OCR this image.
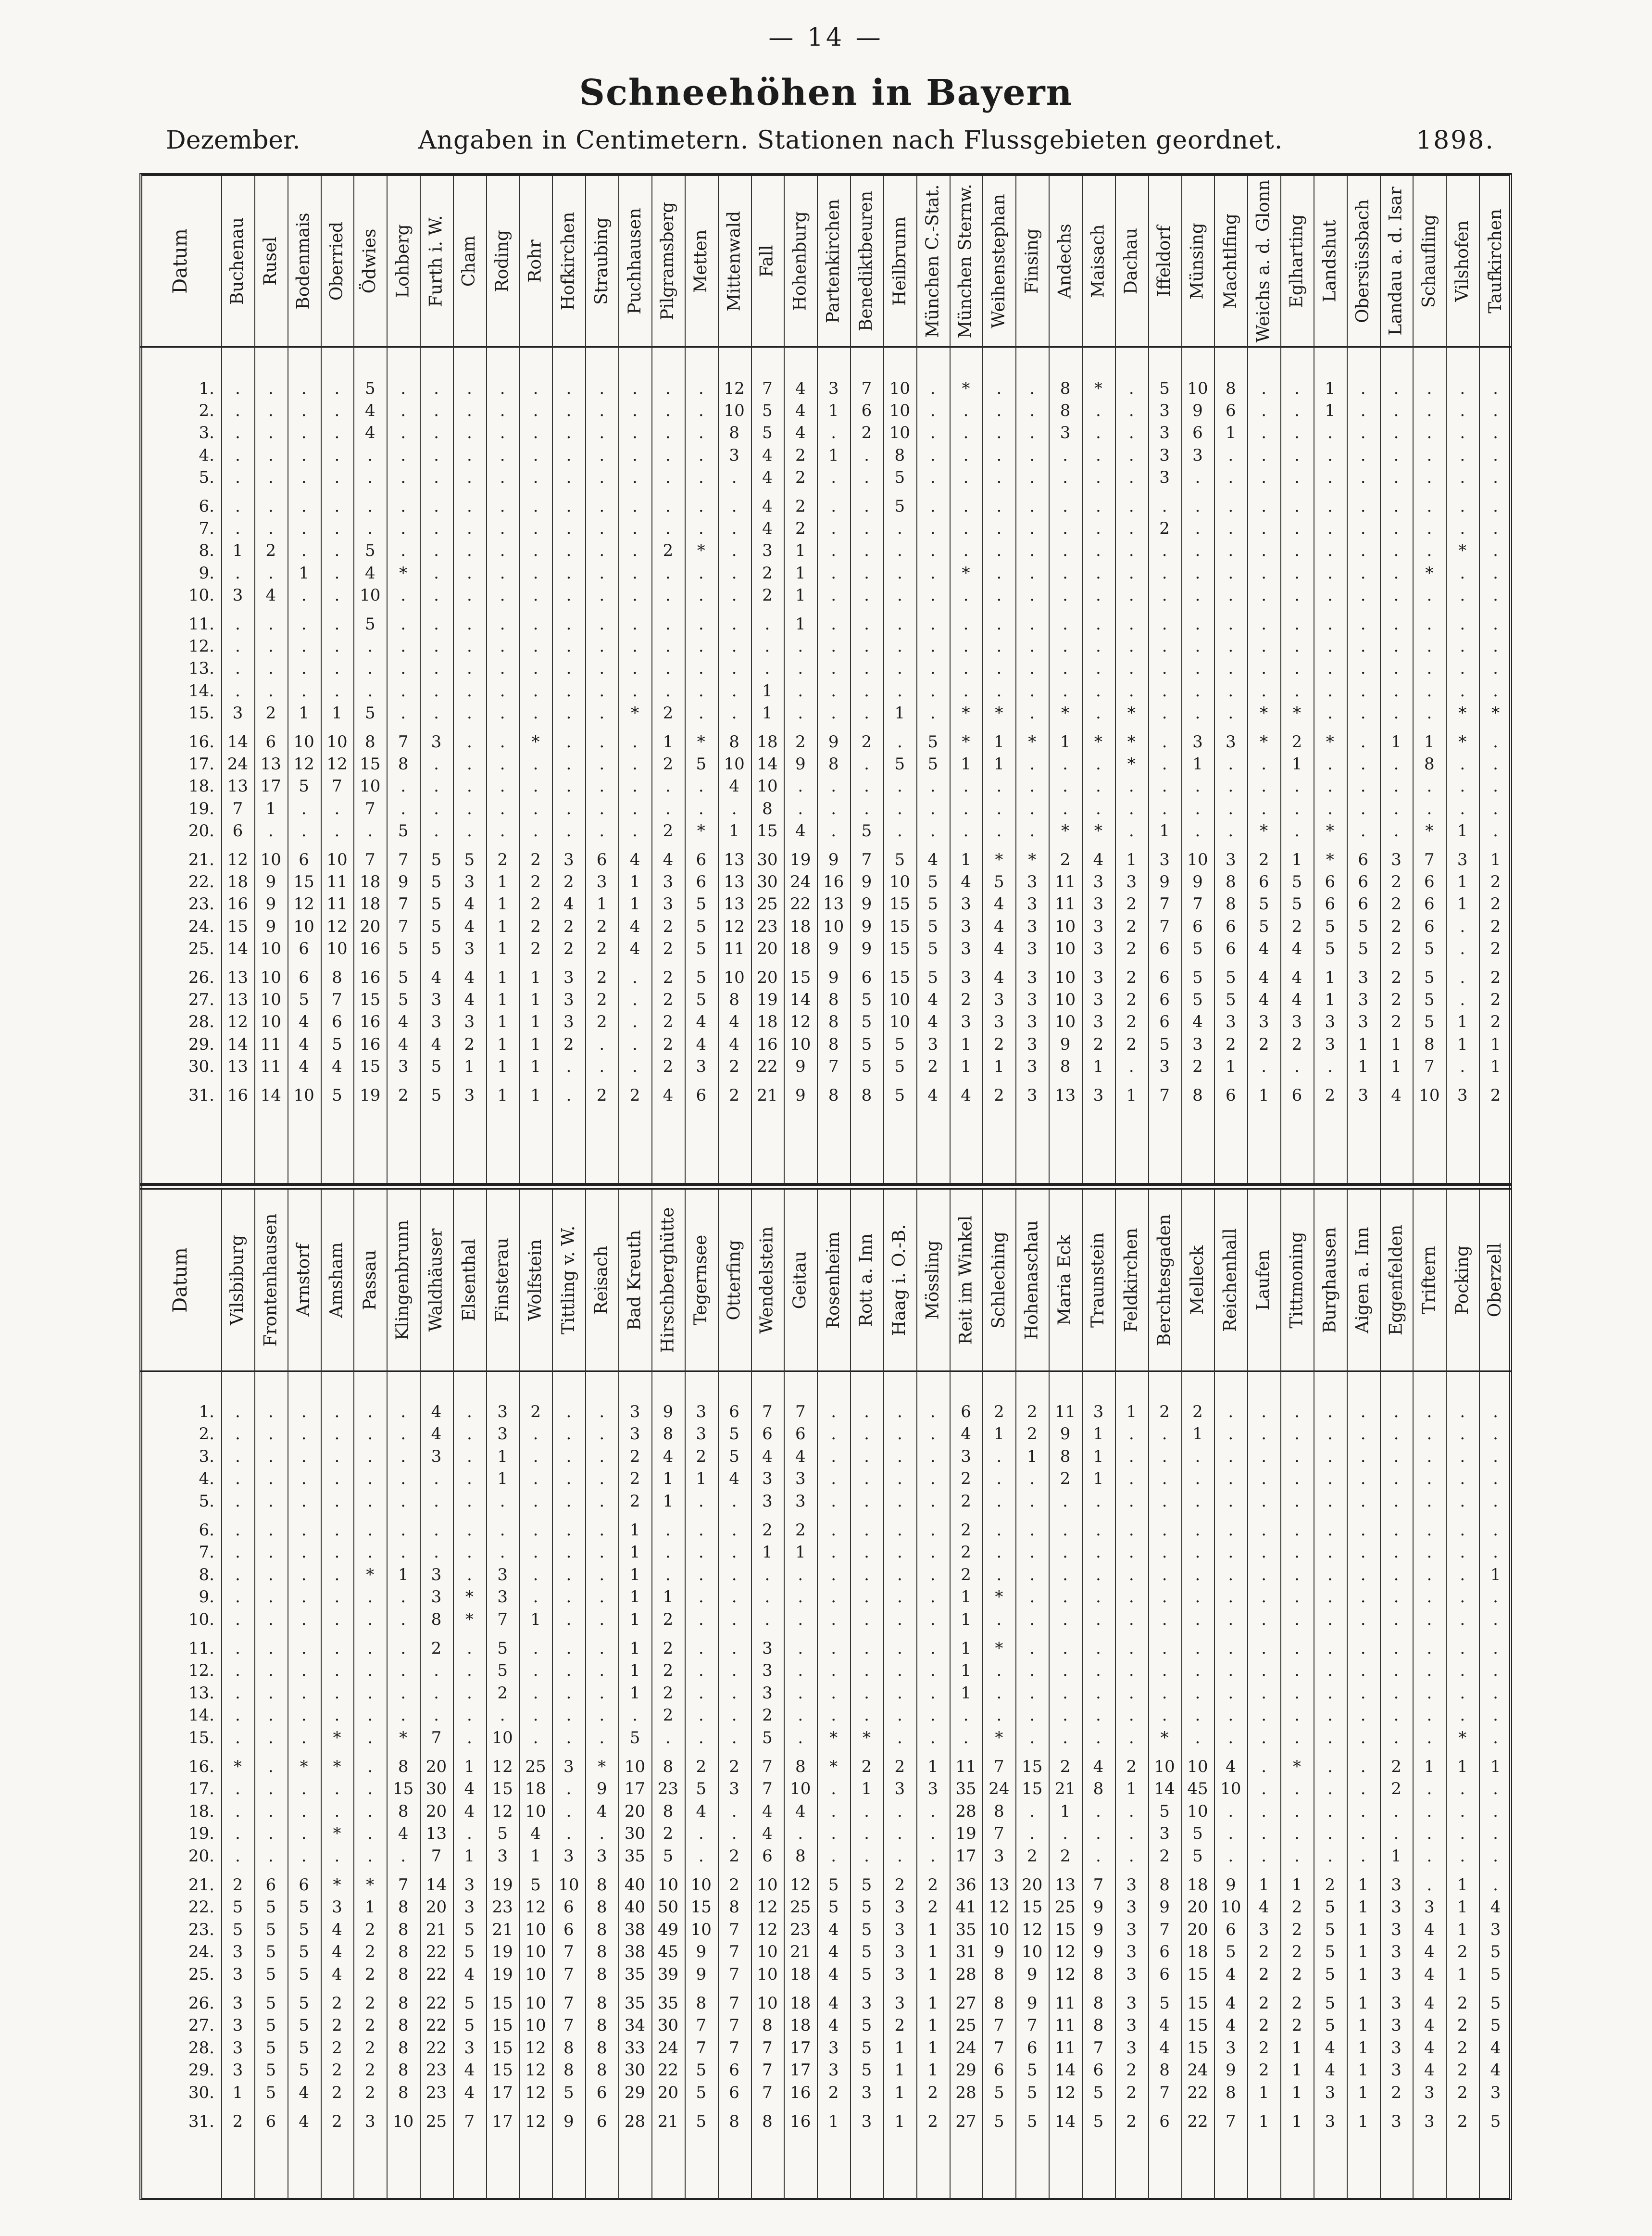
— 14 —
Schneehöhen in Bayern
Dezember.	Angaben in Centimetern. Stationen nach Flussgebieten geordnet.	1898.
Datum
1.
2.
3.
4.
5.
6.
7.
8.
9.
10.
11.
12.
13.
14.
15.
16.
17.
18.
19.
20.
21.
22.
23.
24.
25.
26.
27.
28.
29.
30.
31.
Buchenau
.
.
.
.
.
.
.
1
.
3
.
.
.
.
3
14
24
13
7
6
12
18
16
15
14
13
13
12
14
13
16
Rusel
.
.
.
.
.
.
.
2
.
4
.
.
.
.
2
6
13
17
1
.
10
9
9
9
10
10
10
10
11
11
14
Bodenmais
.
.
.
.
.
.
.
.
1
.
.
.
.
.
1
10
12
5
.
.
6
15
12
10
6
6
5
4
4
4
10
Oberried
.
.
.
.
.
.
.
.
.
.
.
.
.
.
1
10
12
7
.
.
10
11
11
12
10
8
7
6
5
4
5
Ödwies
5
4
4
.
.
.
.
5
4
10
5
.
.
.
5
8
15
10
7
.
7
18
18
20
16
16
15
16
16
15
19
Lohberg
.
.
.
.
.
.
.
.
*
.
.
.
.
.
.
7
8
.
.
5
7
9
7
7
5
5
5
4
4
3
2
Furth i. W.
.
.
.
.
.
.
.
.
.
.
.
.
.
.
.
3
.
.
.
.
5
5
5
5
5
4
3
3
4
5
5
Cham
.
.
.
.
.
.
.
.
.
.
.
.
.
.
.
.
.
.
.
.
5
3
4
4
3
4
4
3
2
1
3
Roding
.
.
.
.
.
.
.
.
.
.
.
.
.
.
.
.
.
.
.
.
2
1
1
1
1
1
1
1
1
1
1
Rohr
.
.
.
.
.
.
.
.
.
.
.
.
.
.
.
*
.
.
.
.
2
2
2
2
2
1
1
1
1
1
1
Hofkirchen
.
.
.
.
.
.
.
.
.
.
.
.
.
.
.
.
.
.
.
.
3
2
4
2
2
3
3
3
2
.
.
Straubing
.
.
.
.
.
.
.
.
.
.
.
.
.
.
.
.
.
.
.
.
6
3
1
2
2
2
2
2
.
.
2
Puchhausen
.
.
.
.
.
.
.
.
.
.
.
.
.
.
*
.
.
.
.
.
4
1
1
4
4
.
.
.
.
.
2
Pilgramsberg
.
.
.
.
.
.
.
2
.
.
.
.
.
.
2
1
2
.
.
2
4
3
3
2
2
2
2
2
2
2
4
Metten
.
.
.
.
.
.
.
*
.
.
.
.
.
.
.
*
5
.
.
*
6
6
5
5
5
5
5
4
4
3
6
Mittenwald
12
10
8
3
.
.
.
.
.
.
.
.
.
.
.
8
10
4
.
1
13
13
13
12
11
10
8
4
4
2
2
Fall
7
5
5
4
4
4
4
3
2
2
.
.
.
1
1
18
14
10
8
15
30
30
25
23
20
20
19
18
16
22
21
Hohenburg
4
4
4
2
2
2
2
1
1
1
1
.
.
.
.
2
9
.
.
4
19
24
22
18
18
15
14
12
10
9
9
Partenkirchen
3
1
.
1
.
.
.
.
.
.
.
.
.
.
.
9
8
.
.
.
9
16
13
10
9
9
8
8
8
7
8
Benediktbeuren
7
6
2
.
.
.
.
.
.
.
.
.
.
.
.
2
.
.
.
5
7
9
9
9
9
6
5
5
5
5
8
Heilbrunn
10
10
10
8
5
5
.
.
.
.
.
.
.
.
1
.
5
.
.
.
5
10
15
15
15
15
10
10
5
5
5
München C.-Stat.
.
.
.
.
.
.
.
.
.
.
.
.
.
.
.
5
5
.
.
.
4
5
5
5
5
5
4
4
3
2
4
München Sternw.
*
.
.
.
.
.
.
.
*
.
.
.
.
.
*
*
1
.
.
.
1
4
3
3
3
3
2
3
1
1
4
Weihenstephan
.
.
.
.
.
.
.
.
.
.
.
.
.
.
*
1
1
.
.
.
*
5
4
4
4
4
3
3
2
1
2
Finsing
.
.
.
.
.
.
.
.
.
.
.
.
.
.
.
*
.
.
.
.
*
3
3
3
3
3
3
3
3
3
3
Andechs
8
8
3
.
.
.
.
.
.
.
.
.
.
.
*
1
.
.
.
*
2
11
11
10
10
10
10
10
9
8
13
Maisach
*
.
.
.
.
.
.
.
.
.
.
.
.
.
.
*
.
.
.
*
4
3
3
3
3
3
3
3
2
1
3
Dachau
.
.
.
.
.
.
.
.
.
.
.
.
.
.
*
*
*
.
.
.
1
3
2
2
2
2
2
2
2
.
1
Iffeldorf
5
3
3
3
3
.
2
.
.
.
.
.
.
.
.
.
.
.
.
1
3
9
7
7
6
6
6
6
5
3
7
Münsing
10
9
6
3
.
.
.
.
.
.
.
.
.
.
.
3
1
.
.
.
10
9
7
6
5
5
5
4
3
2
8
Machtlfing
8
6
1
.
.
.
.
.
.
.
.
.
.
.
.
3
.
.
.
.
3
8
8
6
6
5
5
3
2
1
6
Weichs a. d. Glonn
.
.
.
.
.
.
.
.
.
.
.
.
.
.
*
*
.
.
.
*
2
6
5
5
4
4
4
3
2
.
1
Eglharting
.
.
.
.
.
.
.
.
.
.
.
.
.
.
*
2
1
.
.
.
1
5
5
2
4
4
4
3
2
.
6
Landshut
1
1
.
.
.
.
.
.
.
.
.
.
.
.
.
*
.
.
.
*
*
6
6
5
5
1
1
3
3
.
2
Obersüssbach
.
.
.
.
.
.
.
.
.
.
.
.
.
.
.
.
.
.
.
.
6
6
6
5
5
3
3
3
1
1
3
Landau a. d. Isar
.
.
.
.
.
.
.
.
.
.
.
.
.
.
.
1
.
.
.
.
3
2
2
2
2
2
2
2
1
1
4
Schaufling
.
.
.
.
.
.
.
.
*
.
.
.
.
.
.
1
8
.
.
*
7
6
6
6
5
5
5
5
8
7
10
Vilshofen
.
.
.
.
.
.
.
*
.
.
.
.
.
.
*
*
.
.
.
1
3
1
1
.
.
.
.
1
1
.
3
Taufkirchen
.
.
.
.
.
.
.
.
.
.
.
.
.
.
*
.
.
.
.
.
1
2
2
2
2
2
2
2
1
1
2
Datum
1.
2.
3.
4.
5.
6.
7.
8.
9.
10.
11.
12.
13.
14.
15.
16.
17.
18.
19.
20.
21.
22.
23.
24.
25.
26.
27.
28.
29.
30.
31.
Vilsbiburg
.
.
.
.
.
.
.
.
.
.
.
.
.
.
.
*
.
.
.
.
2
5
5
3
3
3
3
3
3
1
2
Frontenhausen
.
.
.
.
.
.
.
.
.
.
.
.
.
.
.
.
.
.
.
.
6
5
5
5
5
5
5
5
5
5
6
Arnstorf
.
.
.
.
.
.
.
.
.
.
.
.
.
.
.
*
.
.
.
.
6
5
5
5
5
5
5
5
5
4
4
Amsham
.
.
.
.
.
.
.
.
.
.
.
.
.
.
*
*
.
.
*
.
*
3
4
4
4
2
2
2
2
2
2
Passau
.
.
.
.
.
.
.
*
.
.
.
.
.
.
.
.
.
.
.
.
*
1
2
2
2
2
2
2
2
2
3
Klingenbrunn
.
.
.
.
.
.
.
1
.
.
.
.
.
.
*
8
15
8
4
.
7
8
8
8
8
8
8
8
8
8
10
Waldhäuser
4
4
3
.
.
.
.
3
3
8
2
.
.
.
7
20
30
20
13
7
14
20
21
22
22
22
22
22
23
23
25
Elsenthal
.
.
.
.
.
.
.
.
*
*
.
.
.
.
.
1
4
4
.
1
3
3
5
5
4
5
5
3
4
4
7
Finsterau
3
3
1
1
.
.
.
3
3
7
5
5
2
.
10
12
15
12
5
3
19
23
21
19
19
15
15
15
15
17
17
Wolfstein
2
.
.
.
.
.
.
.
.
1
.
.
.
.
.
25
18
10
4
1
5
12
10
10
10
10
10
12
12
12
12
Tittling v. W.
.
.
.
.
.
.
.
.
.
.
.
.
.
.
.
3
.
.
.
3
10
6
6
7
7
7
7
8
8
5
9
Reisach
.
.
.
.
.
.
.
.
.
.
.
.
.
.
.
*
9
4
.
3
8
8
8
8
8
8
8
8
8
6
6
Bad Kreuth
3
3
2
2
2
1
1
1
1
1
1
1
1
.
5
10
17
20
30
35
40
40
38
38
35
35
34
33
30
29
28
Hirschberghütte
9
8
4
1
1
.
.
.
1
2
2
2
2
2
.
8
23
8
2
5
10
50
49
45
39
35
30
24
22
20
21
Tegernsee
3
3
2
1
.
.
.
.
.
.
.
.
.
.
.
2
5
4
.
.
10
15
10
9
9
8
7
7
5
5
5
Otterfing
6
5
5
4
.
.
.
.
.
.
.
.
.
.
.
2
3
.
.
2
2
8
7
7
7
7
7
7
6
6
8
Wendelstein
7
6
4
3
3
2
1
.
.
.
3
3
3
2
5
7
7
4
4
6
10
12
12
10
10
10
8
7
7
7
8
Geitau
7
6
4
3
3
2
1
.
.
.
.
.
.
.
.
8
10
4
.
8
12
25
23
21
18
18
18
17
17
16
16
Rosenheim
.
.
.
.
.
.
.
.
.
.
.
.
.
.
*
*
.
.
.
.
5
5
4
4
4
4
4
3
3
2
1
Rott a. Inn
.
.
.
.
.
.
.
.
.
.
.
.
.
.
*
2
1
.
.
.
5
5
5
5
5
3
5
5
5
3
3
Haag i. O.-B.
.
.
.
.
.
.
.
.
.
.
.
.
.
.
.
2
3
.
.
.
2
3
3
3
3
3
2
1
1
1
1
Mössling
.
.
.
.
.
.
.
.
.
.
.
.
.
.
.
1
3
.
.
.
2
2
1
1
1
1
1
1
1
2
2
Reit im Winkel
6
4
3
2
2
2
2
2
1
1
1
1
1
.
.
11
35
28
19
17
36
41
35
31
28
27
25
24
29
28
27
Schleching
2
1
.
.
.
.
.
.
*
.
*
.
.
.
*
7
24
8
7
3
13
12
10
9
8
8
7
7
6
5
5
Hohenaschau
2
2
1
.
.
.
.
.
.
.
.
.
.
.
.
15
15
.
.
2
20
15
12
10
9
9
7
6
5
5
5
Maria Eck
11
9
8
2
.
.
.
.
.
.
.
.
.
.
.
2
21
1
.
2
13
25
15
12
12
11
11
11
14
12
14
Traunstein
3
1
1
1
.
.
.
.
.
.
.
.
.
.
.
4
8
.
.
.
7
9
9
9
8
8
8
7
6
5
5
Feldkirchen
1
.
.
.
.
.
.
.
.
.
.
.
.
.
.
2
1
.
.
.
3
3
3
3
3
3
3
3
2
2
2
Berchtesgaden
2
.
.
.
.
.
.
.
.
.
.
.
.
.
*
10
14
5
3
2
8
9
7
6
6
5
4
4
8
7
6
Melleck
2
1
.
.
.
.
.
.
.
.
.
.
.
.
.
10
45
10
5
5
18
20
20
18
15
15
15
15
24
22
22
Reichenhall
.
.
.
.
.
.
.
.
.
.
.
.
.
.
.
4
10
.
.
.
9
10
6
5
4
4
4
3
9
8
7
Laufen
.
.
.
.
.
.
.
.
.
.
.
.
.
.
.
.
.
.
.
.
1
4
3
2
2
2
2
2
2
1
1
Tittmoning
.
.
.
.
.
.
.
.
.
.
.
.
.
.
.
*
.
.
.
.
1
2
2
2
2
2
2
1
1
1
1
Burghausen
.
.
.
.
.
.
.
.
.
.
.
.
.
.
.
.
.
.
.
.
2
5
5
5
5
5
5
4
4
3
3
Aigen a. Inn
.
.
.
.
.
.
.
.
.
.
.
.
.
.
.
.
.
.
.
.
1
1
1
1
1
1
1
1
1
1
1
Eggenfelden
.
.
.
.
.
.
.
.
.
.
.
.
.
.
.
2
2
.
.
1
3
3
3
3
3
3
3
3
3
2
3
Triftern
.
.
.
.
.
.
.
.
.
.
.
.
.
.
.
1
.
.
.
.
.
3
4
4
4
4
4
4
4
3
3
Pocking
.
.
.
.
.
.
.
.
.
.
.
.
.
.
*
1
.
.
.
.
1
1
1
2
1
2
2
2
2
2
2
Oberzell
.
.
.
.
.
.
.
1
.
.
.
.
.
.
.
1
.
.
.
.
.
4
3
5
5
5
5
4
4
3
5
